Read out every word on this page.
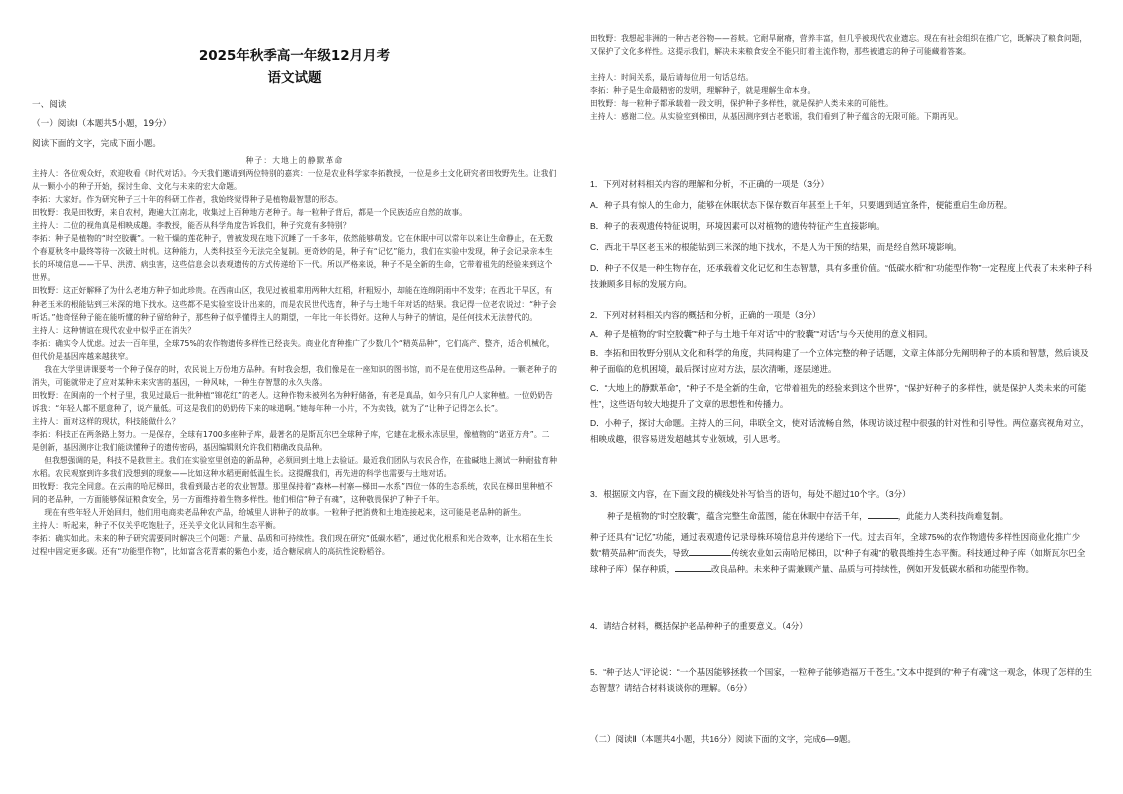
2025年秋季高一年级12月月考
语文试题
一、阅读
（一）阅读Ⅰ（本题共5小题，19分）
阅读下面的文字，完成下面小题。

种子：大地上的静默革命

主持人：各位观众好，欢迎收看《时代对话》。今天我们邀请到两位特别的嘉宾：一位是农业科学家李拓教授，一位是乡土文化研究者田牧野先生。让我们从一颗小小的种子开始，探讨生命、文化与未来的宏大命题。

李拓：大家好。作为研究种子三十年的科研工作者，我始终觉得种子是植物最智慧的形态。

田牧野：我是田牧野，来自农村，跑遍大江南北，收集过上百种地方老种子。每一粒种子背后，都是一个民族适应自然的故事。

主持人：二位的视角真是相映成趣。李教授，能否从科学角度告诉我们，种子究竟有多特别？

李拓：种子是植物的“时空胶囊”。一粒干燥的莲花种子，曾被发现在地下沉睡了一千多年，依然能够萌发。它在休眠中可以常年以来让生命静止，在无数个春夏秋冬中最终等待一次破土时机。这种能力，人类科技至今无法完全复制。更奇妙的是，种子有“记忆”能力，我们在实验中发现，种子会记录亲本生长的环境信息——干旱、洪涝、病虫害，这些信息会以表观遗传的方式传递给下一代。所以严格来说，种子不是全新的生命，它带着祖先的经验来到这个世界。

田牧野：这正好解释了为什么老地方种子如此珍贵。在西南山区，我见过被祖辈用两种大红稻，秆粗短小，却能在连绵阴雨中不发芽；在西北干旱区，有种老玉米的根能钻到三米深的地下找水。这些都不是实验室设计出来的，而是农民世代选育，种子与土地千年对话的结果。我记得一位老农说过：“种子会听话。”他奇怪种子能在能听懂的种子留给种子，那些种子似乎懂得主人的期望，一年比一年长得好。这种人与种子的情谊，是任何技术无法替代的。

主持人：这种情谊在现代农业中似乎正在消失？

李拓：确实令人忧虑。过去一百年里，全球75%的农作物遗传多样性已经丧失。商业化育种推广了少数几个“精英品种”，它们高产、整齐，适合机械化，但代价是基因库越来越狭窄。

我在大学里讲课要考一个种子保存的时，农民说上万份地方品种。有时我会想，我们像是在一座知识的图书馆，而不是在使用这些品种。一颗老种子的消失，可能就带走了应对某种未来灾害的基因，一种风味，一种生存智慧的永久失落。

田牧野：在闽南的一个村子里，我见过最后一批种植“锦花红”的老人。这种作物未被列名为种籽储备，有老是真品，如今只有几户人家种植。一位奶奶告诉我：“年轻人都不愿意种了，说产量低。可这是我们的奶奶传下来的味道啊。”她每年种一小片，不为卖钱，就为了“让种子记得怎么长”。

主持人：面对这样的现状，科技能做什么？

李拓：科技正在两条路上努力。一是保存，全球有1700多座种子库，最著名的是斯瓦尔巴全球种子库，它建在北极永冻层里，像植物的“诺亚方舟”。二是创新，基因测序让我们能读懂种子的遗传密码，基因编辑则允许我们精确改良品种。

但我想强调的是，科技不是救世主。我们在实验室里创造的新品种，必须回到土地上去验证。最近我们团队与农民合作，在盐碱地上测试一种耐盐育种水稻。农民观察到许多我们没想到的现象——比如这种水稻更耐低温生长。这提醒我们，再先进的科学也需要与土地对话。

田牧野：我完全同意。在云南的哈尼梯田，我看到最古老的农业智慧。那里保持着“森林—村寨—梯田—水系”四位一体的生态系统，农民在梯田里种植不同的老品种，一方面能够保证粮食安全，另一方面维持着生物多样性。他们相信“种子有魂”，这种敬畏保护了种子千年。

现在有些年轻人开始回归，他们用电商卖老品种农产品，给城里人讲种子的故事。一粒种子把消费和土地连接起来，这可能是老品种的新生。

主持人：听起来，种子不仅关乎吃饱肚子，还关乎文化认同和生态平衡。

李拓：确实如此。未来的种子研究需要同时解决三个问题：产量、品质和可持续性。我们现在研究“低碳水稻”，通过优化根系和光合效率，让水稻在生长过程中固定更多碳。还有“功能型作物”，比如富含花青素的紫色小麦，适合糖尿病人的高抗性淀粉稻谷。

田牧野：我想起非洲的一种古老谷物——苔麸。它耐旱耐瘠，营养丰富，但几乎被现代农业遗忘。现在有社会组织在推广它，既解决了粮食问题，又保护了文化多样性。这提示我们，解决未来粮食安全不能只盯着主流作物，那些被遗忘的种子可能藏着答案。

主持人：时间关系，最后请每位用一句话总结。

李拓：种子是生命最精密的发明，理解种子，就是理解生命本身。

田牧野：每一粒种子都承载着一段文明，保护种子多样性，就是保护人类未来的可能性。

主持人：感谢二位。从实验室到梯田，从基因测序到古老歌谣，我们看到了种子蕴含的无限可能。下期再见。

1．下列对材料相关内容的理解和分析，不正确的一项是（3分）

A．种子具有惊人的生命力，能够在休眠状态下保存数百年甚至上千年，只要遇到适宜条件，便能重启生命历程。

B．种子的表观遗传特征说明，环境因素可以对植物的遗传特征产生直接影响。

C．西北干旱区老玉米的根能钻到三米深的地下找水，不是人为干预的结果，而是经自然环境影响。

D．种子不仅是一种生物存在，还承载着文化记忆和生态智慧，具有多重价值。“低碳水稻”和“功能型作物”一定程度上代表了未来种子科技兼顾多目标的发展方向。

2．下列对材料相关内容的概括和分析，正确的一项是（3分）

A．种子是植物的“时空胶囊”“种子与土地千年对话”中的“胶囊”“对话”与今天使用的意义相同。

B．李拓和田牧野分别从文化和科学的角度，共同构建了一个立体完整的种子话题，文章主体部分先阐明种子的本质和智慧，然后谈及种子面临的危机困境，最后探讨应对方法，层次清晰，逐层递进。

C．“大地上的静默革命”，“种子不是全新的生命，它带着祖先的经验来到这个世界”，“保护好种子的多样性，就是保护人类未来的可能性”，这些语句较大地提升了文章的思想性和传播力。

D．小种子，探讨大命题。主持人的三问，串联全文，使对话流畅自然，体现访谈过程中很强的针对性和引导性。两位嘉宾视角对立，相映成趣，很容易迸发超越其专业领域，引人思考。

3．根据原文内容，在下面文段的横线处补写恰当的语句，每处不超过10个字。（3分）

种子是植物的“时空胶囊”，蕴含完整生命蓝图，能在休眠中存活千年，	，此能力人类科技尚难复制。

种子还具有“记忆”功能，通过表观遗传记录母株环境信息并传递给下一代。过去百年，全球75%的农作物遗传多样性因商业化推广少数“精英品种”而丧失，导致	传统农业如云南哈尼梯田，以“种子有魂”的敬畏维持生态平衡。科技通过种子库（如斯瓦尔巴全球种子库）保存种质，	改良品种。未来种子需兼顾产量、品质与可持续性，例如开发低碳水稻和功能型作物。

4．请结合材料，概括保护老品种种子的重要意义。（4分）

5．“种子达人”评论说：“一个基因能够拯救一个国家，一粒种子能够造福万千苍生。”文本中提到的“种子有魂”这一观念，体现了怎样的生态智慧？请结合材料谈谈你的理解。（6分）

（二）阅读Ⅱ（本题共4小题，共16分）阅读下面的文字，完成6—9题。
